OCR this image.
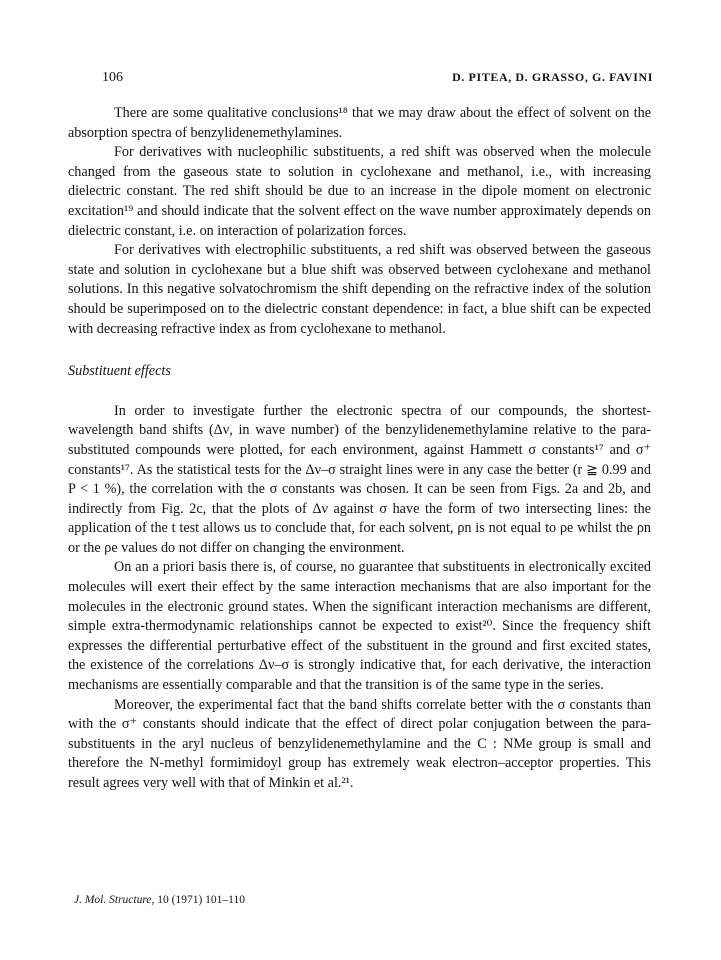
106	D. PITEA, D. GRASSO, G. FAVINI

There are some qualitative conclusions¹⁸ that we may draw about the effect of solvent on the absorption spectra of benzylidenemethylamines.

For derivatives with nucleophilic substituents, a red shift was observed when the molecule changed from the gaseous state to solution in cyclohexane and methanol, i.e., with increasing dielectric constant. The red shift should be due to an increase in the dipole moment on electronic excitation¹⁹ and should indicate that the solvent effect on the wave number approximately depends on dielectric constant, i.e. on interaction of polarization forces.

For derivatives with electrophilic substituents, a red shift was observed between the gaseous state and solution in cyclohexane but a blue shift was observed between cyclohexane and methanol solutions. In this negative solvatochromism the shift depending on the refractive index of the solution should be superimposed on to the dielectric constant dependence: in fact, a blue shift can be expected with decreasing refractive index as from cyclohexane to methanol.

Substituent effects

In order to investigate further the electronic spectra of our compounds, the shortest-wavelength band shifts (Δν, in wave number) of the benzylidenemethylamine relative to the para-substituted compounds were plotted, for each environment, against Hammett σ constants¹⁷ and σ⁺ constants¹⁷. As the statistical tests for the Δν–σ straight lines were in any case the better (r ≧ 0.99 and P < 1 %), the correlation with the σ constants was chosen. It can be seen from Figs. 2a and 2b, and indirectly from Fig. 2c, that the plots of Δν against σ have the form of two intersecting lines: the application of the t test allows us to conclude that, for each solvent, ρn is not equal to ρe whilst the ρn or the ρe values do not differ on changing the environment.

On an a priori basis there is, of course, no guarantee that substituents in electronically excited molecules will exert their effect by the same interaction mechanisms that are also important for the molecules in the electronic ground states. When the significant interaction mechanisms are different, simple extra-thermodynamic relationships cannot be expected to exist²⁰. Since the frequency shift expresses the differential perturbative effect of the substituent in the ground and first excited states, the existence of the correlations Δν–σ is strongly indicative that, for each derivative, the interaction mechanisms are essentially comparable and that the transition is of the same type in the series.

Moreover, the experimental fact that the band shifts correlate better with the σ constants than with the σ⁺ constants should indicate that the effect of direct polar conjugation between the para-substituents in the aryl nucleus of benzylidenemethylamine and the C : NMe group is small and therefore the N-methyl formimidoyl group has extremely weak electron–acceptor properties. This result agrees very well with that of Minkin et al.²¹.

J. Mol. Structure, 10 (1971) 101–110
